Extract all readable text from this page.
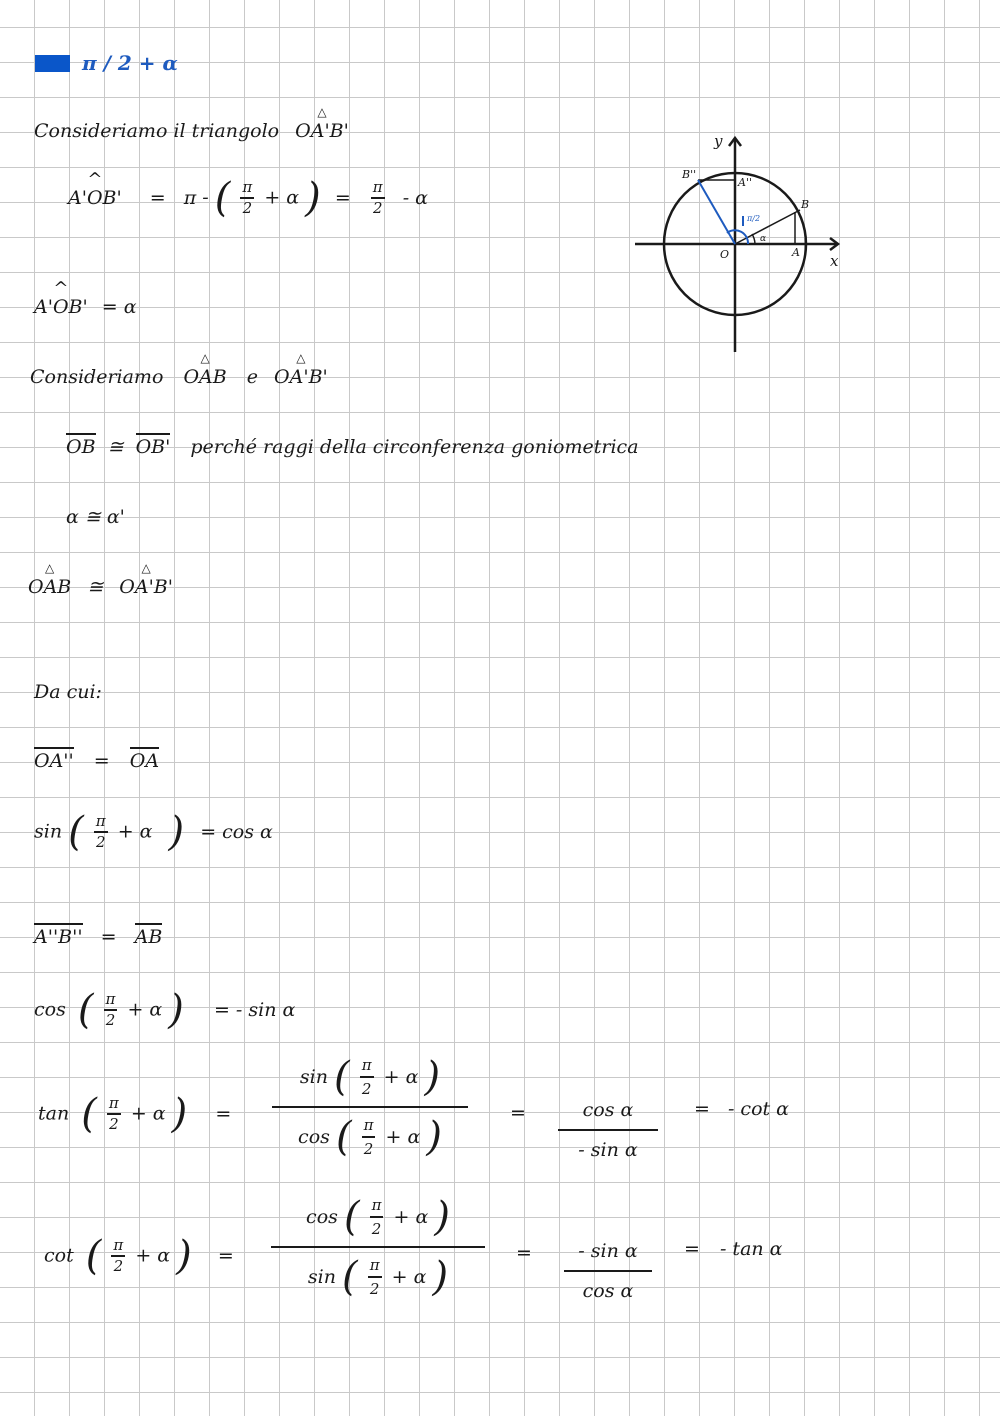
π / 2 + α
Consideriamo il triangolo △ OA'B'
^ A'OB' = π - ( $\frac{\pi}{2} + \alpha$ ) = $\frac{\pi}{2}$ - α
^ A'OB' = α
Consideriamo △ OAB e △ OA'B'
OB ≅ OB' perché raggi della circonferenza goniometrica
α ≅ α'
△ OAB ≅ △ OA'B'
Da cui:
OA'' = OA
sin ( $\frac{\pi}{2} + \alpha$ ) = cos α
A''B'' = AB
cos ( $\frac{\pi}{2} + \alpha$ ) = - sin α
tan ( $\frac{\pi}{2} + \alpha$ ) =
sin ( $\frac{\pi}{2} + \alpha$ )
cos ( $\frac{\pi}{2} + \alpha$ )
=	cos α
- sin α
= - cot α
cot ( $\frac{\pi}{2} + \alpha$ ) =
cos ( $\frac{\pi}{2} + \alpha$ )
sin ( $\frac{\pi}{2} + \alpha$ )
= - sin α
cos α
= - tan α
y
x
O	A
B
A''
B''
α
π/2
